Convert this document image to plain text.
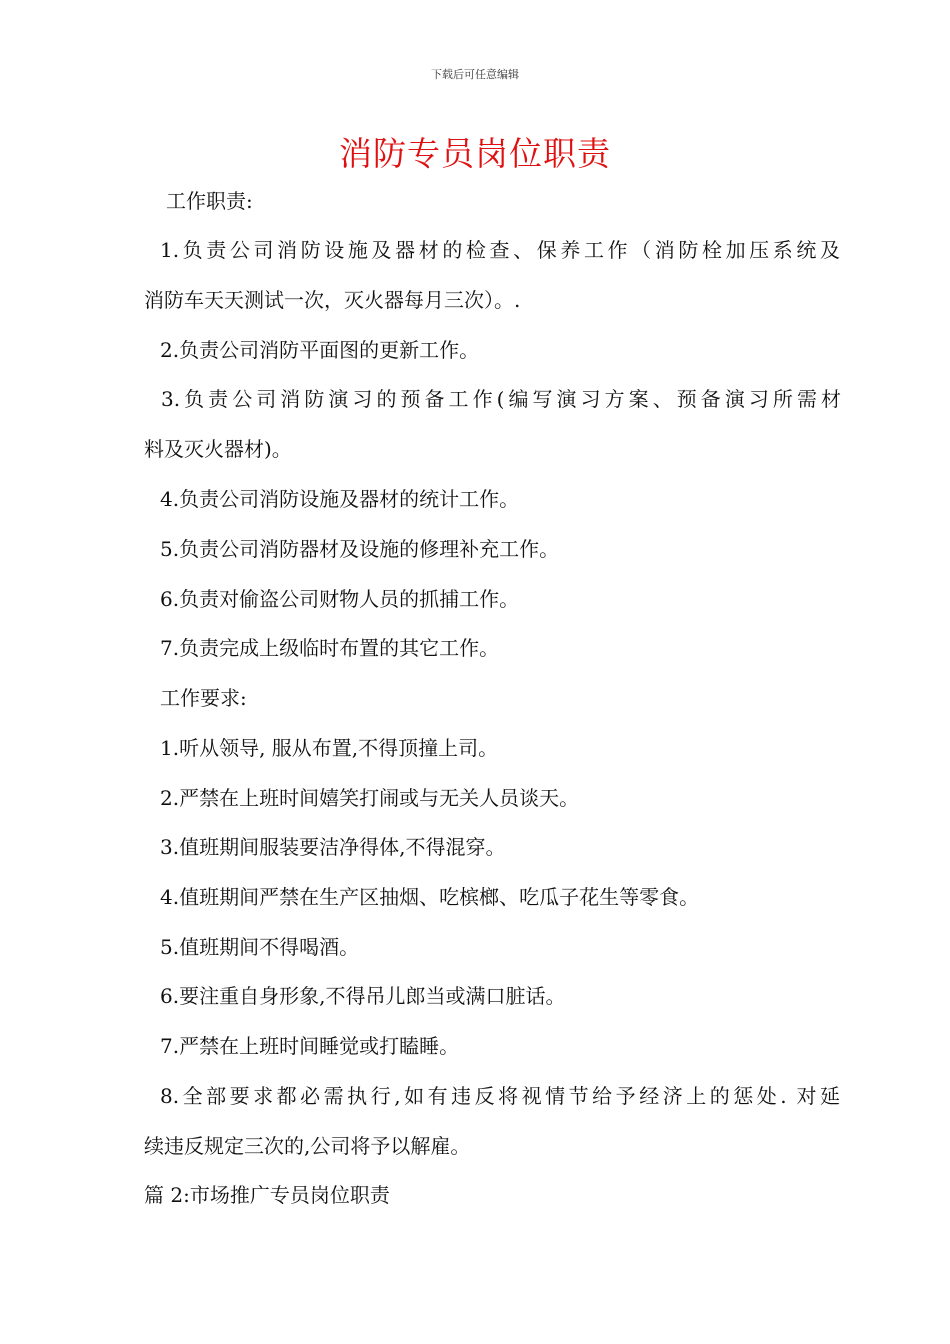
下载后可任意编辑
消防专员岗位职责
工作职责:
1.负责公司消防设施及器材的检查、保养工作（消防栓加压系统及
消防车天天测试一次，灭火器每月三次）。.
2.负责公司消防平面图的更新工作。
3.负责公司消防演习的预备工作(编写演习方案、预备演习所需材
料及灭火器材)。
4.负责公司消防设施及器材的统计工作。
5.负责公司消防器材及设施的修理补充工作。
6.负责对偷盗公司财物人员的抓捕工作。
7.负责完成上级临时布置的其它工作。
工作要求:
1.听从领导, 服从布置,不得顶撞上司。
2.严禁在上班时间嬉笑打闹或与无关人员谈天。
3.值班期间服装要洁净得体,不得混穿。
4.值班期间严禁在生产区抽烟、吃槟榔、吃瓜子花生等零食。
5.值班期间不得喝酒。
6.要注重自身形象,不得吊儿郎当或满口脏话。
7.严禁在上班时间睡觉或打瞌睡。
8.全部要求都必需执行,如有违反将视情节给予经济上的惩处. 对延
续违反规定三次的,公司将予以解雇。
篇 2:市场推广专员岗位职责
